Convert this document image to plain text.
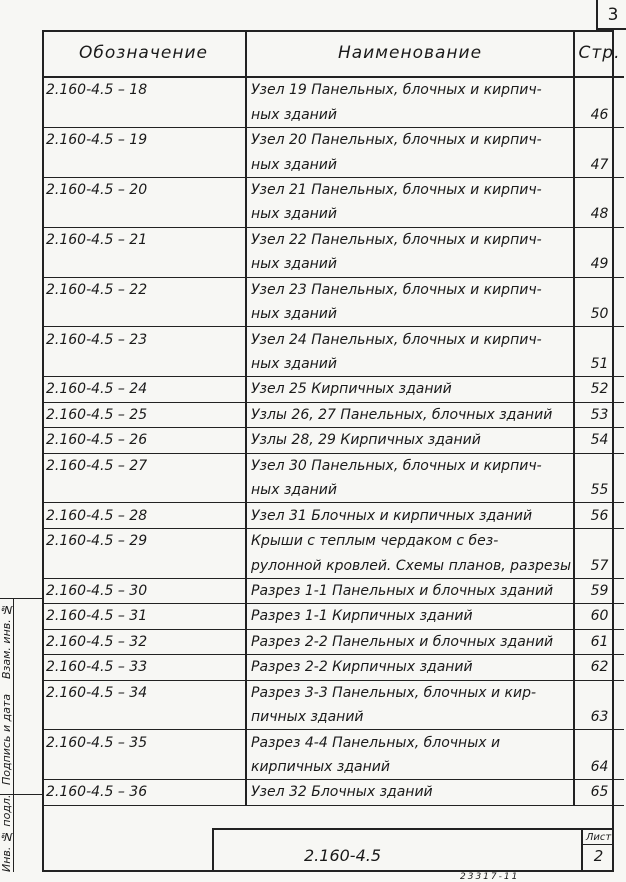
3
Обозначение	Наименование	Стр.
2.160-4.5 – 18	Узел 19 Панельных, блочных и кирпич-	
	ных зданий	46
2.160-4.5 – 19	Узел 20 Панельных, блочных и кирпич-	
	ных зданий	47
2.160-4.5 – 20	Узел 21 Панельных, блочных и кирпич-	
	ных зданий	48
2.160-4.5 – 21	Узел 22 Панельных, блочных и кирпич-	
	ных зданий	49
2.160-4.5 – 22	Узел 23 Панельных, блочных и кирпич-	
	ных зданий	50
2.160-4.5 – 23	Узел 24 Панельных, блочных и кирпич-	
	ных зданий	51
2.160-4.5 – 24	Узел 25 Кирпичных зданий	52
2.160-4.5 – 25	Узлы 26, 27 Панельных, блочных зданий	53
2.160-4.5 – 26	Узлы 28, 29 Кирпичных зданий	54
2.160-4.5 – 27	Узел 30 Панельных, блочных и кирпич-	
	ных зданий	55
2.160-4.5 – 28	Узел 31 Блочных и кирпичных зданий	56
2.160-4.5 – 29	Крыши с теплым чердаком с без-	
	рулонной кровлей. Схемы планов, разрезы	57
2.160-4.5 – 30	Разрез 1-1 Панельных и блочных зданий	59
2.160-4.5 – 31	Разрез 1-1 Кирпичных зданий	60
2.160-4.5 – 32	Разрез 2-2 Панельных и блочных зданий	61
2.160-4.5 – 33	Разрез 2-2 Кирпичных зданий	62
2.160-4.5 – 34	Разрез 3-3 Панельных, блочных и кир-	
	пичных зданий	63
2.160-4.5 – 35	Разрез 4-4 Панельных, блочных и	
	кирпичных зданий	64
2.160-4.5 – 36	Узел 32 Блочных зданий	65
Инв. № подл.
Подпись и дата
Взам. инв. №
2.160-4.5
Лист
2
23317-11
